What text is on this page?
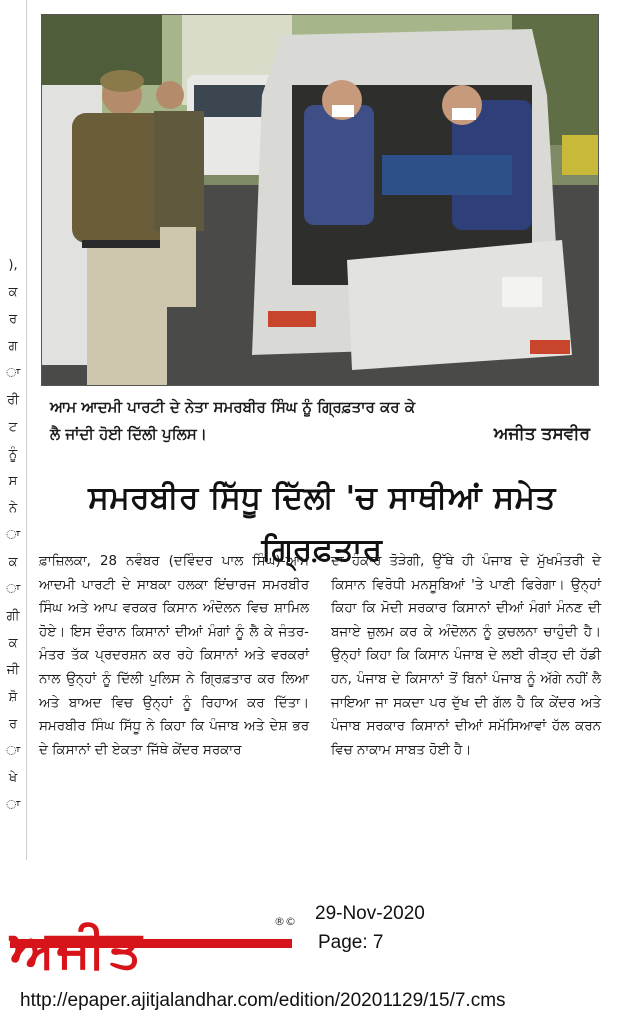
),
ਕ
ਰ
ਗ
ਾ
ਰੀ
ਟ
ਨੂੰ
ਸ
ਨੇ
ਾ
ਕ
ਾ
ਗੀ
ਕ
ਜੀ
ਸ਼ੋ
ਰ
ਾ
ਖੇ
ਾ
ਆਮ ਆਦਮੀ ਪਾਰਟੀ ਦੇ ਨੇਤਾ ਸਮਰਬੀਰ ਸਿੰਘ ਨੂੰ ਗ੍ਰਿਫ਼ਤਾਰ ਕਰ ਕੇ
ਲੈ ਜਾਂਦੀ ਹੋਈ ਦਿੱਲੀ ਪੁਲਿਸ।	ਅਜੀਤ ਤਸਵੀਰ
ਸਮਰਬੀਰ ਸਿੱਧੂ ਦਿੱਲੀ 'ਚ ਸਾਥੀਆਂ ਸਮੇਤ ਗ੍ਰਿਫ਼ਤਾਰ

ਫ਼ਾਜ਼ਿਲਕਾ, 28 ਨਵੰਬਰ (ਦਵਿੰਦਰ ਪਾਲ ਸਿੰਘ)-ਆਮ ਆਦਮੀ ਪਾਰਟੀ ਦੇ ਸਾਬਕਾ ਹਲਕਾ ਇਂਚਾਰਜ ਸਮਰਬੀਰ ਸਿੰਘ ਅਤੇ ਆਪ ਵਰਕਰ ਕਿਸਾਨ ਅੰਦੋਲਨ ਵਿਚ ਸ਼ਾਮਿਲ ਹੋਏ। ਇਸ ਦੌਰਾਨ ਕਿਸਾਨਾਂ ਦੀਆਂ ਮੰਗਾਂ ਨੂੰ ਲੈ ਕੇ ਜੰਤਰ-ਮੰਤਰ ਤੱਕ ਪ੍ਰਦਰਸ਼ਨ ਕਰ ਰਹੇ ਕਿਸਾਨਾਂ ਅਤੇ ਵਰਕਰਾਂ ਨਾਲ ਉਨ੍ਹਾਂ ਨੂੰ ਦਿੱਲੀ ਪੁਲਿਸ ਨੇ ਗ੍ਰਿਫ਼ਤਾਰ ਕਰ ਲਿਆ ਅਤੇ ਬਾਅਦ ਵਿਚ ਉਨ੍ਹਾਂ ਨੂੰ ਰਿਹਾਅ ਕਰ ਦਿੱਤਾ। ਸਮਰਬੀਰ ਸਿੰਘ ਸਿੱਧੂ ਨੇ ਕਿਹਾ ਕਿ ਪੰਜਾਬ ਅਤੇ ਦੇਸ਼ ਭਰ ਦੇ ਕਿਸਾਨਾਂ ਦੀ ਏਕਤਾ ਜਿੱਥੇ ਕੇਂਦਰ ਸਰਕਾਰ

ਦਾ ਹੰਕਾਰ ਤੋੜੇਗੀ, ਉੱਥੇ ਹੀ ਪੰਜਾਬ ਦੇ ਮੁੱਖਮੰਤਰੀ ਦੇ ਕਿਸਾਨ ਵਿਰੋਧੀ ਮਨਸੂਬਿਆਂ 'ਤੇ ਪਾਣੀ ਫਿਰੇਗਾ। ਉਨ੍ਹਾਂ ਕਿਹਾ ਕਿ ਮੋਦੀ ਸਰਕਾਰ ਕਿਸਾਨਾਂ ਦੀਆਂ ਮੰਗਾਂ ਮੰਨਣ ਦੀ ਬਜਾਏ ਜ਼ੁਲਮ ਕਰ ਕੇ ਅੰਦੋਲਨ ਨੂੰ ਕੁਚਲਨਾ ਚਾਹੁੰਦੀ ਹੈ। ਉਨ੍ਹਾਂ ਕਿਹਾ ਕਿ ਕਿਸਾਨ ਪੰਜਾਬ ਦੇ ਲਈ ਰੀੜ੍ਹ ਦੀ ਹੱਡੀ ਹਨ, ਪੰਜਾਬ ਦੇ ਕਿਸਾਨਾਂ ਤੋਂ ਬਿਨਾਂ ਪੰਜਾਬ ਨੂੰ ਅੱਗੇ ਨਹੀਂ ਲੈ ਜਾਇਆ ਜਾ ਸਕਦਾ ਪਰ ਦੁੱਖ ਦੀ ਗੱਲ ਹੈ ਕਿ ਕੇਂਦਰ ਅਤੇ ਪੰਜਾਬ ਸਰਕਾਰ ਕਿਸਾਨਾਂ ਦੀਆਂ ਸਮੱਸਿਆਵਾਂ ਹੱਲ ਕਰਨ ਵਿਚ ਨਾਕਾਮ ਸਾਬਤ ਹੋਈ ਹੈ।

ਅਜੀਤ	®© 29-Nov-2020
Page: 7
http://epaper.ajitjalandhar.com/edition/20201129/15/7.cms
